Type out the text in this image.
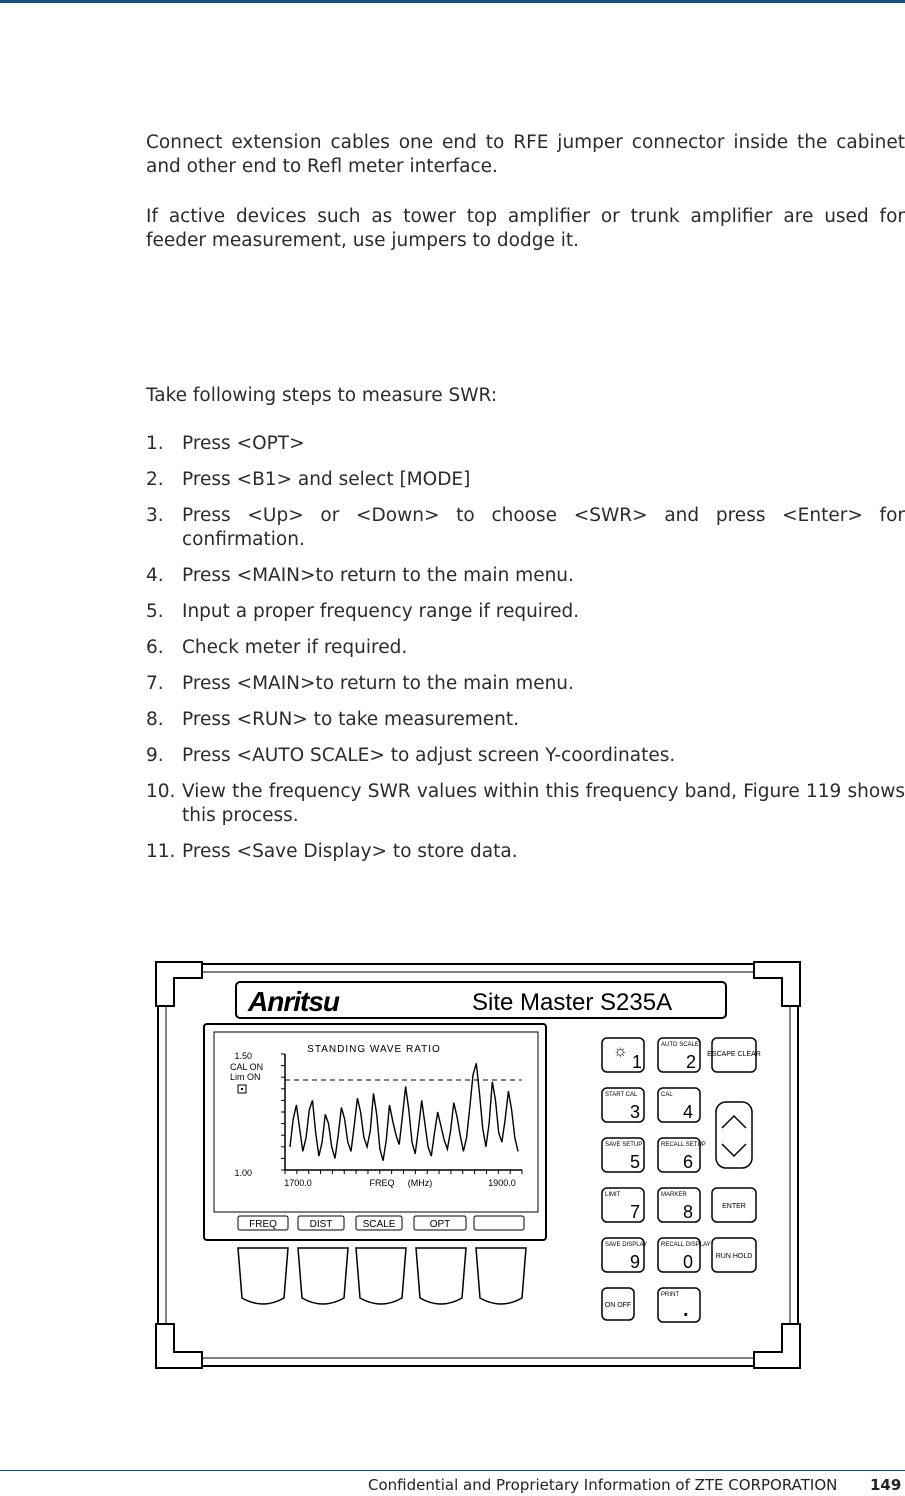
Connect extension cables one end to RFE jumper connector inside the cabinet and other end to Refl meter interface.

If active devices such as tower top amplifier or trunk amplifier are used for feeder measurement, use jumpers to dodge it.

Take following steps to measure SWR:
1. Press <OPT>
2. Press <B1> and select [MODE]
3. Press <Up> or <Down> to choose <SWR> and press <Enter> for confirmation.
4. Press <MAIN>to return to the main menu.
5. Input a proper frequency range if required.
6. Check meter if required.
7. Press <MAIN>to return to the main menu.
8. Press <RUN> to take measurement.
9. Press <AUTO SCALE> to adjust screen Y-coordinates.
10. View the frequency SWR values within this frequency band, Figure 119 shows this process.
11. Press <Save Display> to store data.
Anritsu	Site Master S235A
STANDING WAVE RATIO
1.50
CAL ON
Lim ON
1.00
1700.0	FREQ (MHz)	1900.0
FREQ	DIST	SCALE	OPT
☼
1
AUTO SCALE
2 ESCAPE CLEAR
START CAL
3
CAL
4
SAVE SETUP
5
RECALL SETUP
6
LIMIT
7
MARKER
8	ENTER
SAVE DISPLAY
9
RECALL DISPLAY
0	RUN HOLD
ON OFF
PRINT
.
Confidential and Proprietary Information of ZTE CORPORATION 149
